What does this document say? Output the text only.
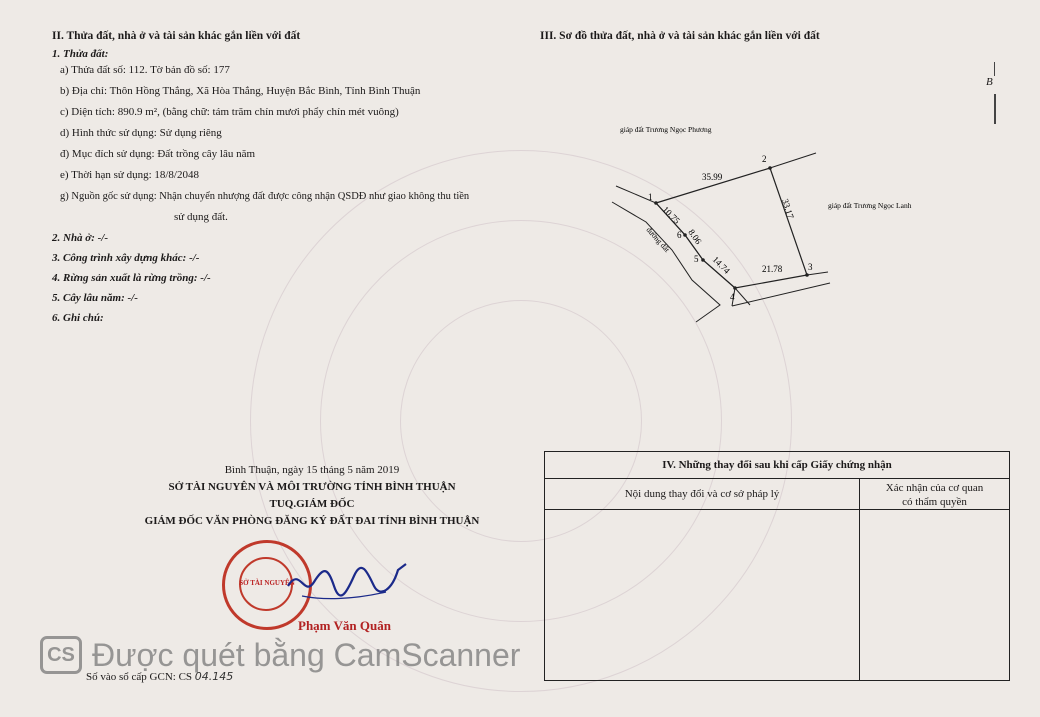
II. Thửa đất, nhà ở và tài sản khác gắn liền với đất

1. Thửa đất:

a) Thửa đất số: 112. Tờ bản đồ số: 177

b) Địa chỉ: Thôn Hồng Thắng, Xã Hòa Thắng, Huyện Bắc Bình, Tỉnh Bình Thuận

c) Diện tích: 890.9 m², (bằng chữ: tám trăm chín mươi phẩy chín mét vuông)

d) Hình thức sử dụng: Sử dụng riêng

đ) Mục đích sử dụng: Đất trồng cây lâu năm

e) Thời hạn sử dụng: 18/8/2048

g) Nguồn gốc sử dụng: Nhận chuyển nhượng đất được công nhận QSDĐ như giao không thu tiền

sử dụng đất.

2. Nhà ở: -/-

3. Công trình xây dựng khác: -/-

4. Rừng sản xuất là rừng trồng: -/-

5. Cây lâu năm: -/-

6. Ghi chú:

Bình Thuận, ngày 15 tháng 5 năm 2019
SỞ TÀI NGUYÊN VÀ MÔI TRƯỜNG TỈNH BÌNH THUẬN
TUQ.GIÁM ĐỐC
GIÁM ĐỐC VĂN PHÒNG ĐĂNG KÝ ĐẤT ĐAI TỈNH BÌNH THUẬN
SỞ TÀI NGUYÊN
Phạm Văn Quân
CS Được quét bằng CamScanner
Số vào sổ cấp GCN: CS 04.145
III. Sơ đồ thửa đất, nhà ở và tài sản khác gắn liền với đất
B
giáp đất Trương Ngọc Phương
giáp đất Trương Ngọc Lanh
1
2
3
4
5
6
35.99
33.17
21.78
14.74
8.06
10.75
đường đất
IV. Những thay đổi sau khi cấp Giấy chứng nhận
Nội dung thay đổi và cơ sở pháp lý	Xác nhận của cơ quan
có thẩm quyền
